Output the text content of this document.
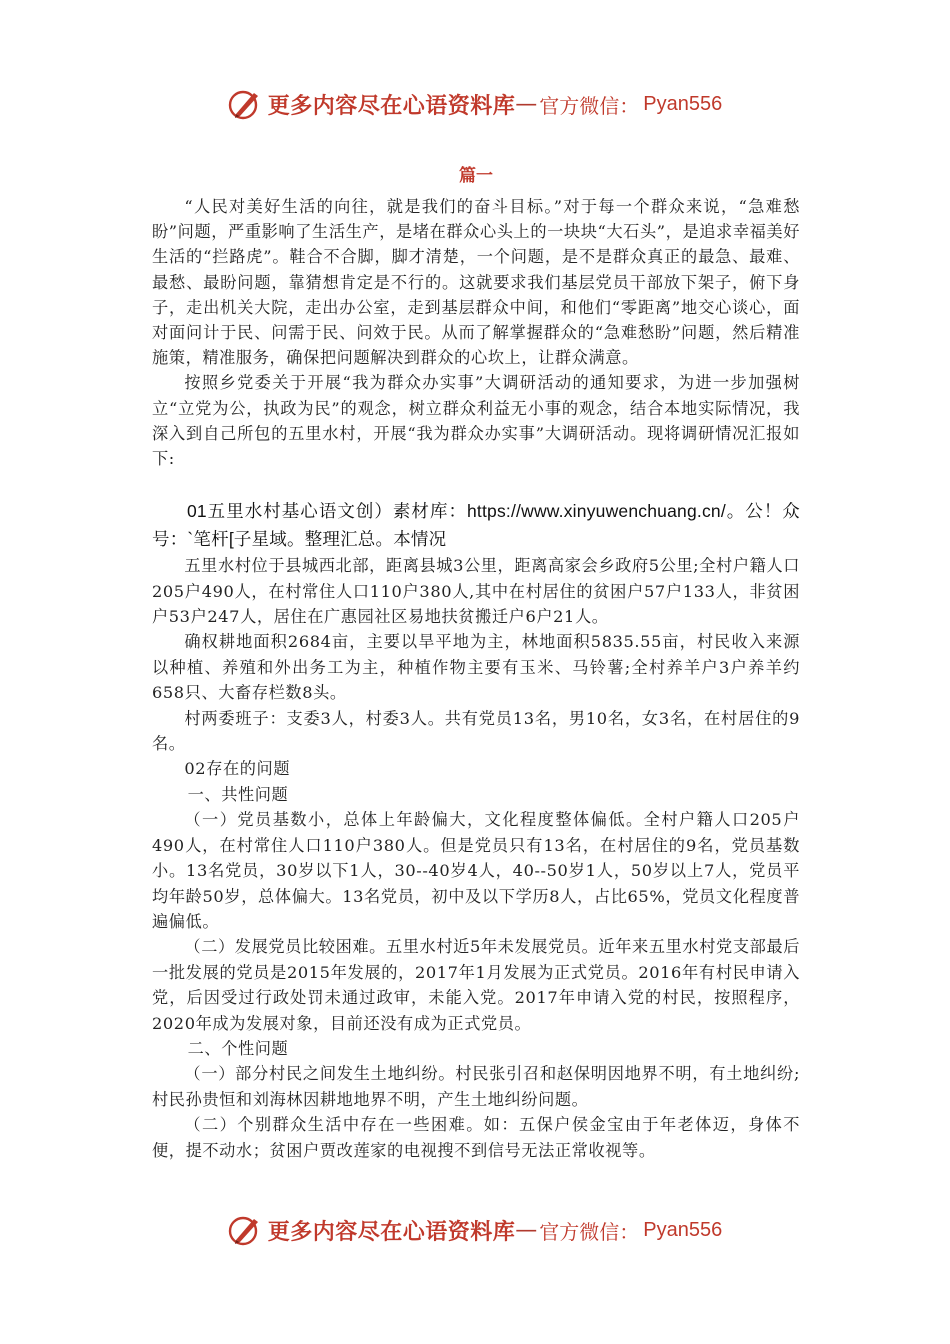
更多内容尽在心语资料库 — 官方微信： Pyan556
篇一

“人民对美好生活的向往，就是我们的奋斗目标。”对于每一个群众来说，“急难愁盼”问题，严重影响了生活生产，是堵在群众心头上的一块块“大石头”，是追求幸福美好生活的“拦路虎”。鞋合不合脚，脚才清楚，一个问题，是不是群众真正的最急、最难、最愁、最盼问题，靠猜想肯定是不行的。这就要求我们基层党员干部放下架子，俯下身子，走出机关大院，走出办公室，走到基层群众中间，和他们“零距离”地交心谈心，面对面问计于民、问需于民、问效于民。从而了解掌握群众的“急难愁盼”问题，然后精准施策，精准服务，确保把问题解决到群众的心坎上，让群众满意。

按照乡党委关于开展“我为群众办实事”大调研活动的通知要求，为进一步加强树立“立党为公，执政为民”的观念，树立群众利益无小事的观念，结合本地实际情况，我深入到自己所包的五里水村，开展“我为群众办实事”大调研活动。现将调研情况汇报如下:

01五里水村基心语文创）素材库：https://www.xinyuwenchuang.cn/。公！众号：`笔杆[子星域。整理汇总。本情况

五里水村位于县城西北部，距离县城3公里，距离高家会乡政府5公里;全村户籍人口205户490人，在村常住人口110户380人,其中在村居住的贫困户57户133人，非贫困户53户247人，居住在广惠园社区易地扶贫搬迁户6户21人。

确权耕地面积2684亩，主要以旱平地为主，林地面积5835.55亩，村民收入来源以种植、养殖和外出务工为主，种植作物主要有玉米、马铃薯;全村养羊户3户养羊约658只、大畜存栏数8头。

村两委班子：支委3人，村委3人。共有党员13名，男10名，女3名，在村居住的9名。

02存在的问题

一、共性问题

（一）党员基数小，总体上年龄偏大，文化程度整体偏低。全村户籍人口205户490人，在村常住人口110户380人。但是党员只有13名，在村居住的9名，党员基数小。13名党员，30岁以下1人，30--40岁4人，40--50岁1人，50岁以上7人，党员平均年龄50岁，总体偏大。13名党员，初中及以下学历8人，占比65%，党员文化程度普遍偏低。

（二）发展党员比较困难。五里水村近5年未发展党员。近年来五里水村党支部最后一批发展的党员是2015年发展的，2017年1月发展为正式党员。2016年有村民申请入党，后因受过行政处罚未通过政审，未能入党。2017年申请入党的村民，按照程序，2020年成为发展对象，目前还没有成为正式党员。

二、个性问题

（一）部分村民之间发生土地纠纷。村民张引召和赵保明因地界不明，有土地纠纷;村民孙贵恒和刘海林因耕地地界不明，产生土地纠纷问题。

（二）个别群众生活中存在一些困难。如：五保户侯金宝由于年老体迈，身体不便，提不动水；贫困户贾改莲家的电视搜不到信号无法正常收视等。

更多内容尽在心语资料库 — 官方微信： Pyan556
